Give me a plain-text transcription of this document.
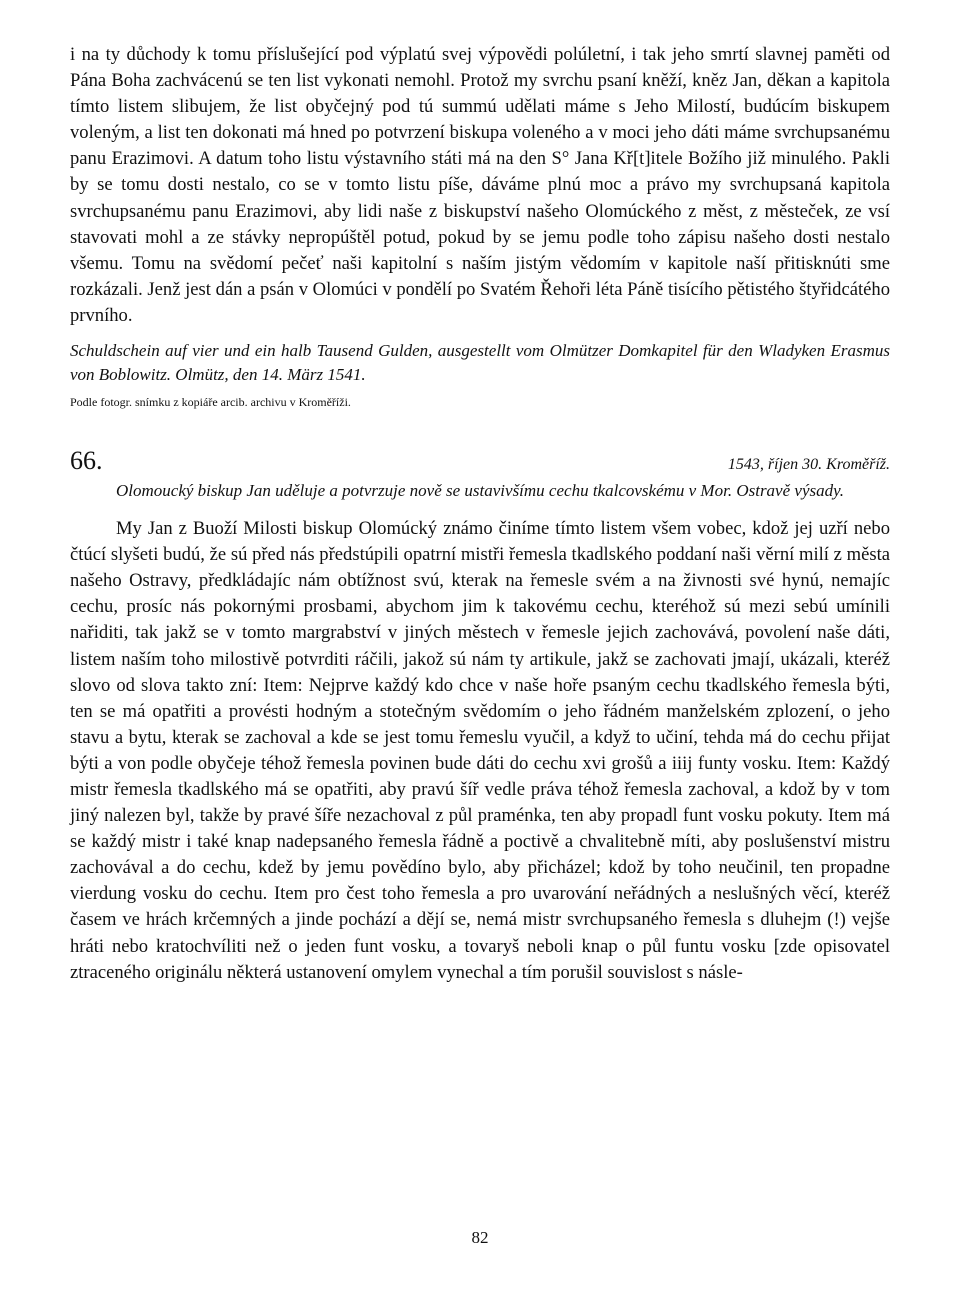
i na ty důchody k tomu příslušející pod výplatú svej výpovědi polúletní, i tak jeho smrtí slavnej paměti od Pána Boha zachvácenú se ten list vykonati nemohl. Protož my svrchu psaní kněží, kněz Jan, děkan a kapitola tímto listem slibujem, že list obyčejný pod tú summú udělati máme s Jeho Milostí, budúcím biskupem voleným, a list ten dokonati má hned po potvrzení biskupa voleného a v moci jeho dáti máme svrchupsanému panu Erazimovi. A datum toho listu výstavního státi má na den S° Jana Kř[t]itele Božího již minulého. Pakli by se tomu dosti nestalo, co se v tomto listu píše, dáváme plnú moc a právo my svrchupsaná kapitola svrchupsanému panu Erazimovi, aby lidi naše z biskupství našeho Olomúckého z měst, z městeček, ze vsí stavovati mohl a ze stávky nepropúštěl potud, pokud by se jemu podle toho zápisu našeho dosti nestalo všemu. Tomu na svědomí pečeť naši kapitolní s naším jistým vědomím v kapitole naší přitisknúti sme rozkázali. Jenž jest dán a psán v Olomúci v pondělí po Svatém Řehoři léta Páně tisícího pětistého štyřidcátého prvního.

Schuldschein auf vier und ein halb Tausend Gulden, ausgestellt vom Olmützer Domkapitel für den Wladyken Erasmus von Boblowitz. Olmütz, den 14. März 1541.

Podle fotogr. snímku z kopiáře arcib. archivu v Kroměříži.

66.	1543, říjen 30. Kroměříž.

Olomoucký biskup Jan uděluje a potvrzuje nově se ustavivšímu cechu tkalcovskému v Mor. Ostravě výsady.

My Jan z Buoží Milosti biskup Olomúcký známo činíme tímto listem všem vobec, kdož jej uzří nebo čtúcí slyšeti budú, že sú před nás předstúpili opatrní mistři řemesla tkadlského poddaní naši věrní milí z města našeho Ostravy, předkládajíc nám obtížnost svú, kterak na řemesle svém a na živnosti své hynú, nemajíc cechu, prosíc nás pokornými prosbami, abychom jim k takovému cechu, kteréhož sú mezi sebú umínili nařiditi, tak jakž se v tomto margrabství v jiných městech v řemesle jejich zachovává, povolení naše dáti, listem naším toho milostivě potvrditi ráčili, jakož sú nám ty artikule, jakž se zachovati jmají, ukázali, kteréž slovo od slova takto zní: Item: Nejprve každý kdo chce v naše hoře psaným cechu tkadlského řemesla býti, ten se má opatřiti a provésti hodným a stotečným svědomím o jeho řádném manželském zplození, o jeho stavu a bytu, kterak se zachoval a kde se jest tomu řemeslu vyučil, a když to učiní, tehda má do cechu přijat býti a von podle obyčeje téhož řemesla povinen bude dáti do cechu xvi grošů a iiij funty vosku. Item: Každý mistr řemesla tkadlského má se opatřiti, aby pravú šíř vedle práva téhož řemesla zachoval, a kdož by v tom jiný nalezen byl, takže by pravé šíře nezachoval z půl praménka, ten aby propadl funt vosku pokuty. Item má se každý mistr i také knap nadepsaného řemesla řádně a poctivě a chvalitebně míti, aby poslušenství mistru zachovával a do cechu, kdež by jemu povědíno bylo, aby přicházel; kdož by toho neučinil, ten propadne vierdung vosku do cechu. Item pro čest toho řemesla a pro uvarování neřádných a neslušných věcí, kteréž časem ve hrách krčemných a jinde pochází a dějí se, nemá mistr svrchupsaného řemesla s dluhejm (!) vejše hráti nebo kratochvíliti než o jeden funt vosku, a tovaryš neboli knap o půl funtu vosku [zde opisovatel ztraceného originálu některá ustanovení omylem vynechal a tím porušil souvislost s násle-

82
